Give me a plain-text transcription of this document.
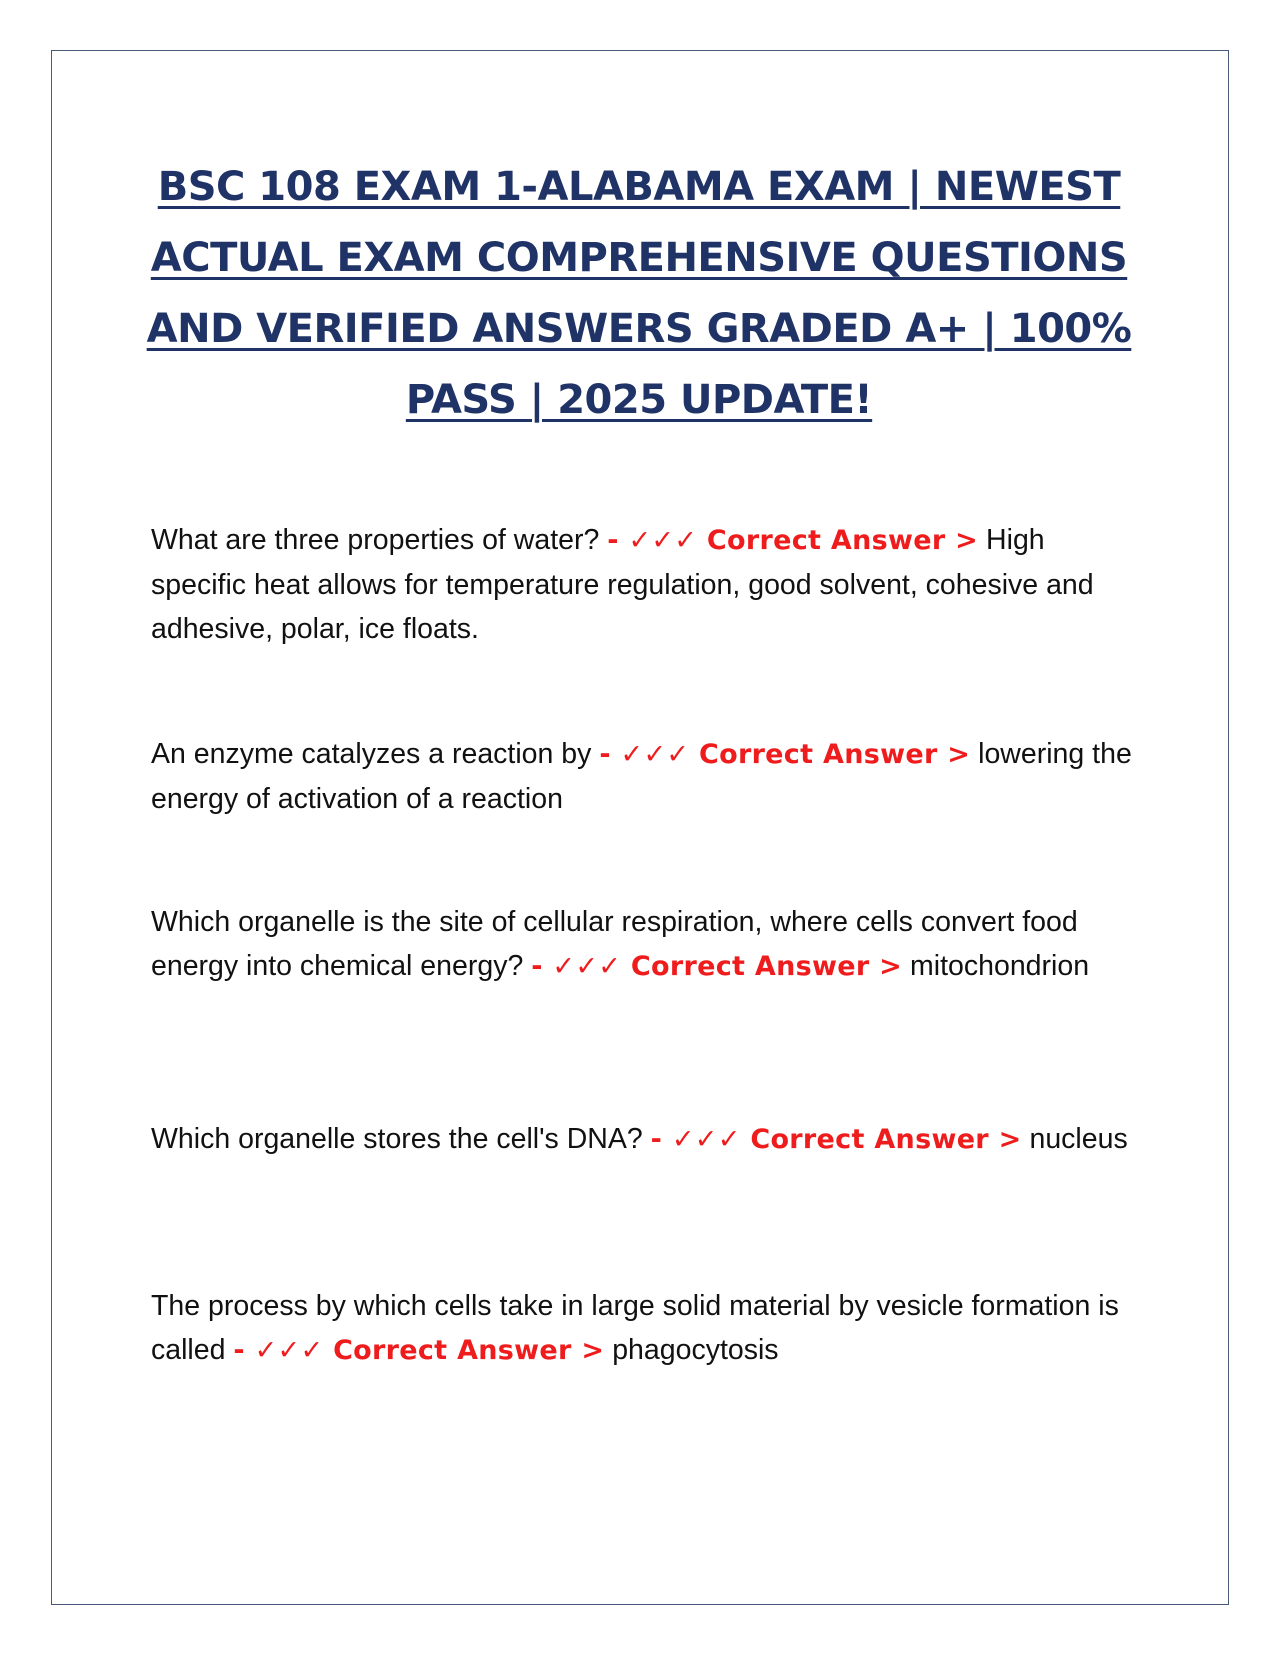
BSC 108 EXAM 1-ALABAMA EXAM | NEWEST ACTUAL EXAM COMPREHENSIVE QUESTIONS AND VERIFIED ANSWERS GRADED A+ | 100% PASS | 2025 UPDATE!

What are three properties of water? - ✓✓✓ Correct Answer > High specific heat allows for temperature regulation, good solvent, cohesive and adhesive, polar, ice floats.

An enzyme catalyzes a reaction by - ✓✓✓ Correct Answer > lowering the energy of activation of a reaction

Which organelle is the site of cellular respiration, where cells convert food energy into chemical energy? - ✓✓✓ Correct Answer > mitochondrion

Which organelle stores the cell's DNA? - ✓✓✓ Correct Answer > nucleus

The process by which cells take in large solid material by vesicle formation is called - ✓✓✓ Correct Answer > phagocytosis
